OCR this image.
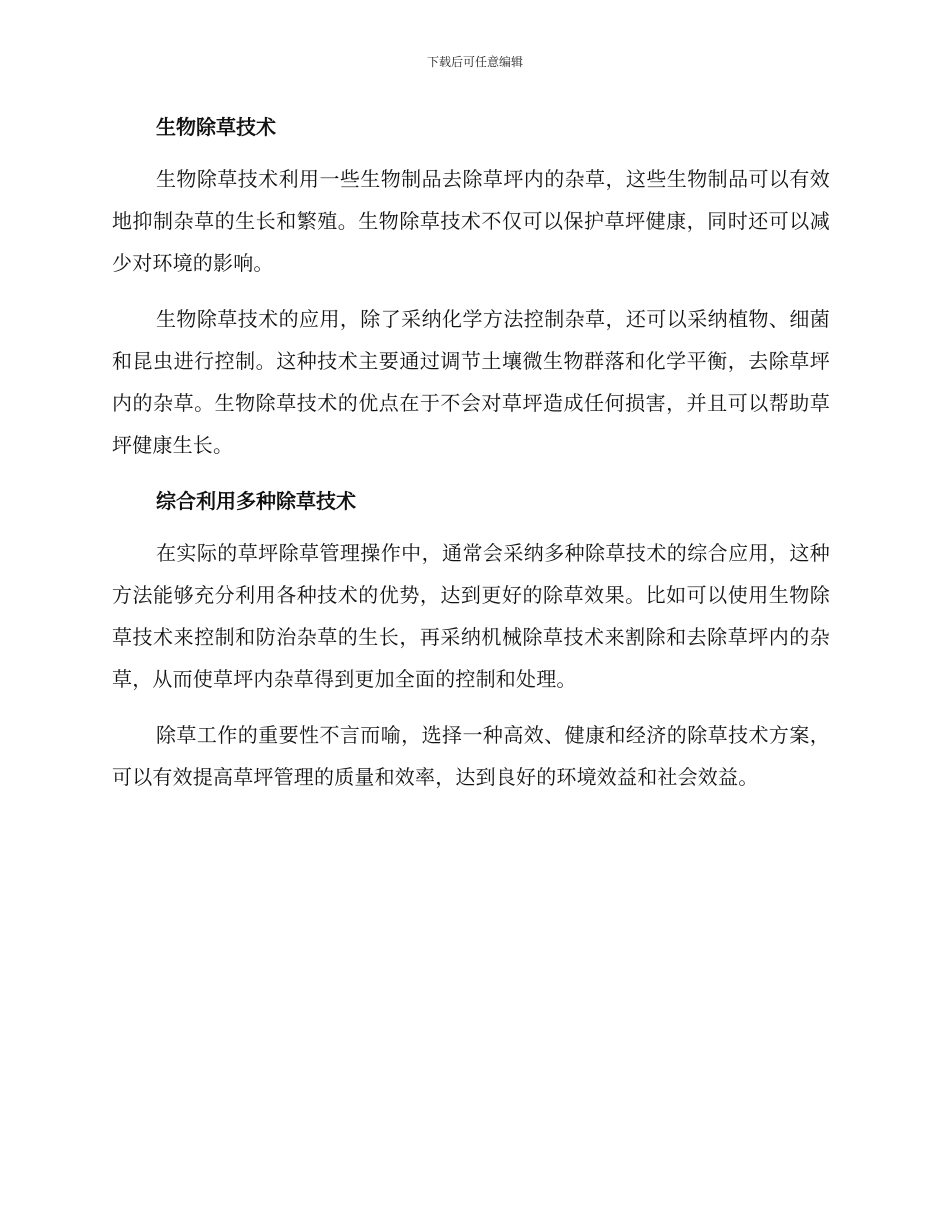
下载后可任意编辑
生物除草技术

生物除草技术利用一些生物制品去除草坪内的杂草，这些生物制品可以有效地抑制杂草的生长和繁殖。生物除草技术不仅可以保护草坪健康，同时还可以减少对环境的影响。

生物除草技术的应用，除了采纳化学方法控制杂草，还可以采纳植物、细菌和昆虫进行控制。这种技术主要通过调节土壤微生物群落和化学平衡，去除草坪内的杂草。生物除草技术的优点在于不会对草坪造成任何损害，并且可以帮助草坪健康生长。

综合利用多种除草技术

在实际的草坪除草管理操作中，通常会采纳多种除草技术的综合应用，这种方法能够充分利用各种技术的优势，达到更好的除草效果。比如可以使用生物除草技术来控制和防治杂草的生长，再采纳机械除草技术来割除和去除草坪内的杂草，从而使草坪内杂草得到更加全面的控制和处理。

除草工作的重要性不言而喻，选择一种高效、健康和经济的除草技术方案，可以有效提高草坪管理的质量和效率，达到良好的环境效益和社会效益。
